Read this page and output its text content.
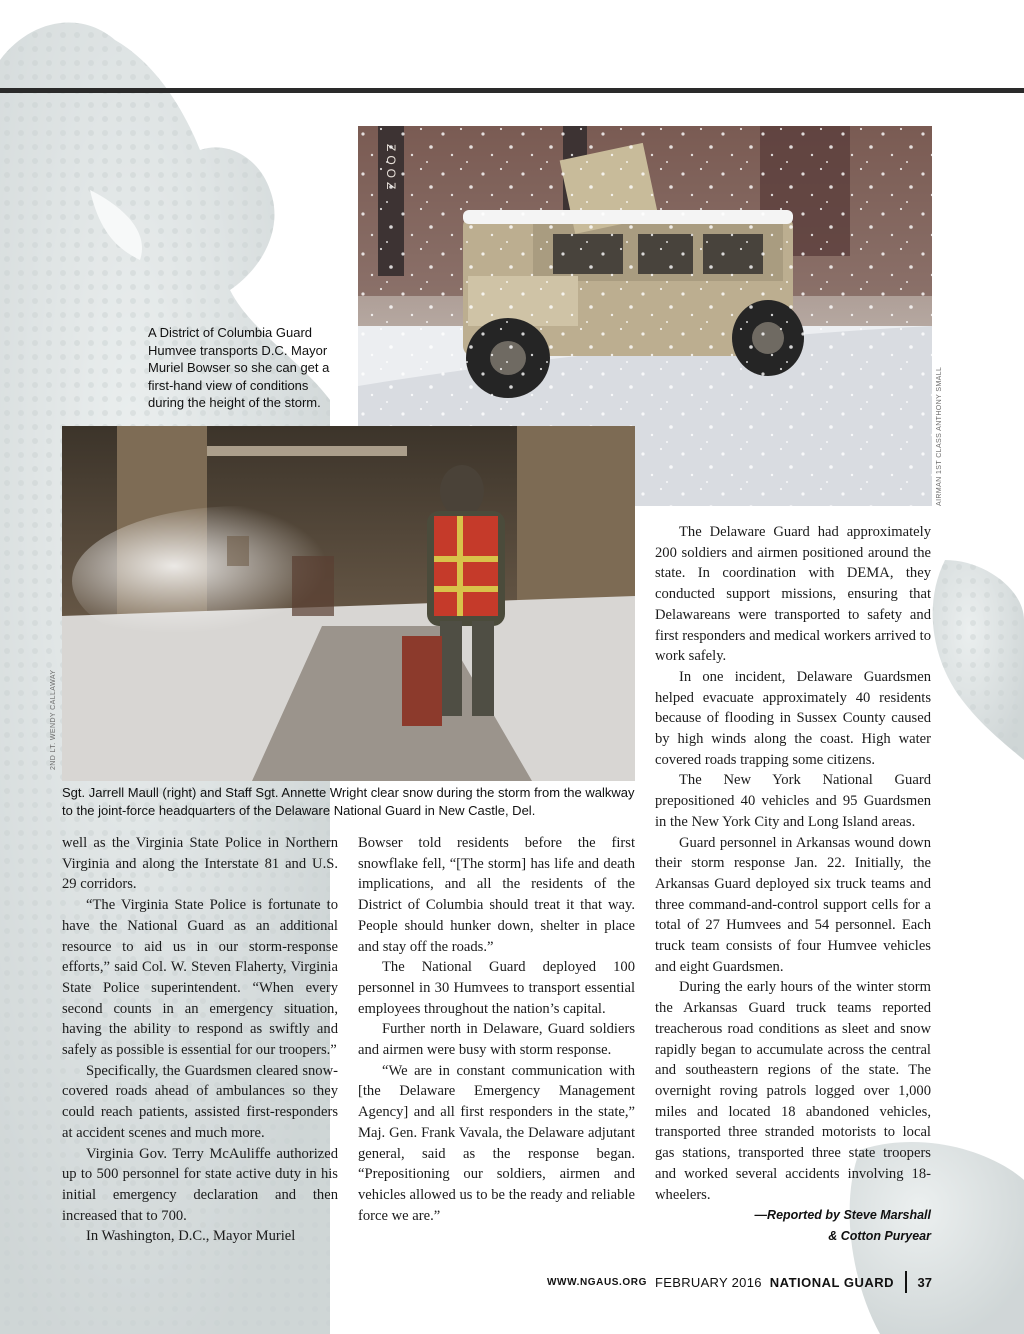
A District of Columbia Guard Humvee transports D.C. Mayor Muriel Bowser so she can get a first-hand view of conditions during the height of the storm.	AIRMAN 1ST CLASS ANTHONY SMALL
2ND LT. WENDY CALLAWAY
Sgt. Jarrell Maull (right) and Staff Sgt. Annette Wright clear snow during the storm from the walkway to the joint-force headquarters of the Delaware National Guard in New Castle, Del.

well as the Virginia State Police in Northern Virginia and along the Interstate 81 and U.S. 29 corridors.

“The Virginia State Police is fortunate to have the National Guard as an additional resource to aid us in our storm-response efforts,” said Col. W. Steven Flaherty, Virginia State Police superintendent. “When every second counts in an emergency situation, having the ability to respond as swiftly and safely as possible is essential for our troopers.”

Specifically, the Guardsmen cleared snow-covered roads ahead of ambulances so they could reach patients, assisted first-responders at accident scenes and much more.

Virginia Gov. Terry McAuliffe authorized up to 500 personnel for state active duty in his initial emergency declaration and then increased that to 700.

In Washington, D.C., Mayor Muriel

Bowser told residents before the first snowflake fell, “[The storm] has life and death implications, and all the residents of the District of Columbia should treat it that way. People should hunker down, shelter in place and stay off the roads.”

The National Guard deployed 100 personnel in 30 Humvees to transport essential employees throughout the nation’s capital.

Further north in Delaware, Guard soldiers and airmen were busy with storm response.

“We are in constant communication with [the Delaware Emergency Management Agency] and all first responders in the state,” Maj. Gen. Frank Vavala, the Delaware adjutant general, said as the response began. “Prepositioning our soldiers, airmen and vehicles allowed us to be the ready and reliable force we are.”

The Delaware Guard had approximately 200 soldiers and airmen positioned around the state. In coordination with DEMA, they conducted support missions, ensuring that Delawareans were transported to safety and first responders and medical workers arrived to work safely.

In one incident, Delaware Guardsmen helped evacuate approximately 40 residents because of flooding in Sussex County caused by high winds along the coast. High water covered roads trapping some citizens.

The New York National Guard prepositioned 40 vehicles and 95 Guardsmen in the New York City and Long Island areas.

Guard personnel in Arkansas wound down their storm response Jan. 22. Initially, the Arkansas Guard deployed six truck teams and three command-and-control support cells for a total of 27 Humvees and 54 personnel. Each truck team consists of four Humvee vehicles and eight Guardsmen.

During the early hours of the winter storm the Arkansas Guard truck teams reported treacherous road conditions as sleet and snow rapidly began to accumulate across the central and southeastern regions of the state. The overnight roving patrols logged over 1,000 miles and located 18 abandoned vehicles, transported three stranded motorists to local gas stations, transported three state troopers and worked several accidents involving 18-wheelers.

—Reported by Steve Marshall
& Cotton Puryear
WWW.NGAUS.ORG FEBRUARY 2016 NATIONAL GUARD 37
